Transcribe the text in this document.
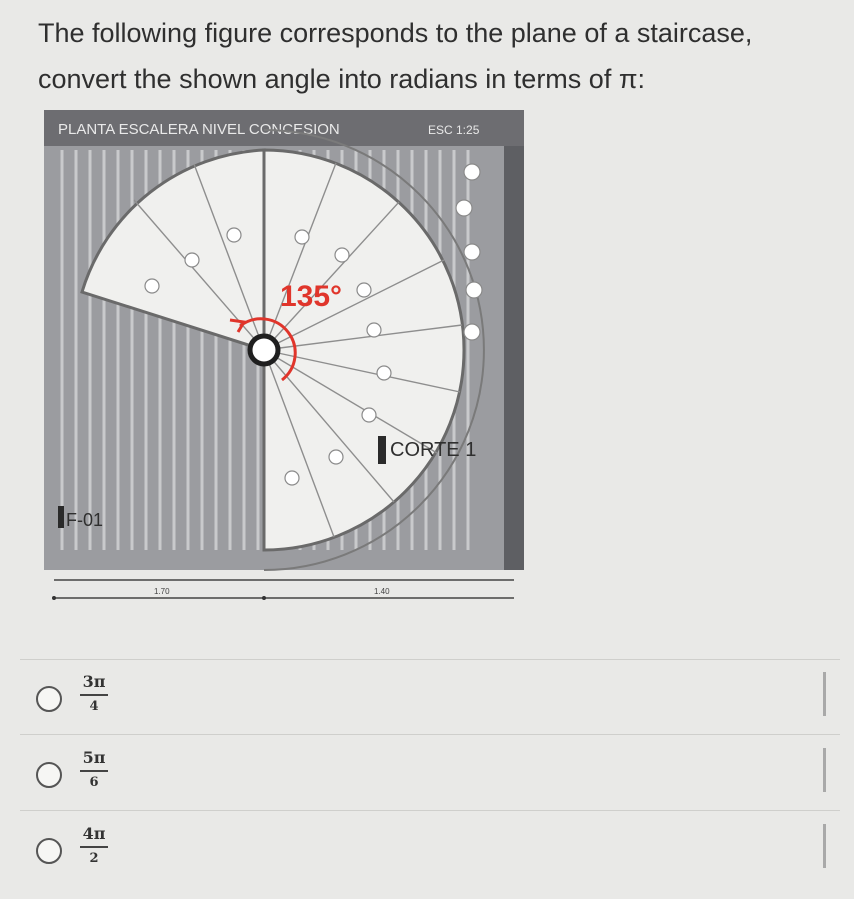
The following figure corresponds to the plane of a staircase,
convert the shown angle into radians in terms of π:
PLANTA ESCALERA NIVEL CONCESION	ESC 1:25
135°
CORTE 1
F-01
1.70	1.40
3π
4
5π
6
4π
2
